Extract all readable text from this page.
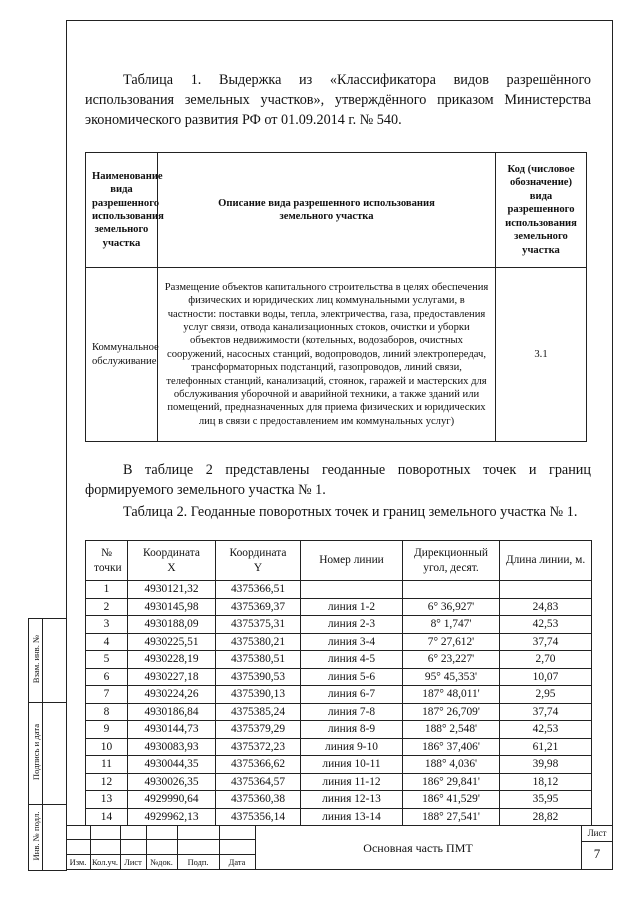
Таблица 1. Выдержка из «Классификатора видов разрешённого использования земельных участков», утверждённого приказом Министерства экономического развития РФ от 01.09.2014 г. № 540.
Наименование вида разрешенного использования земельного участка	Описание вида разрешенного использования земельного участка	Код (числовое обозначение) вида разрешенного использования земельного участка
Коммунальное обслуживание	Размещение объектов капитального строительства в целях обеспечения физических и юридических лиц коммунальными услугами, в частности: поставки воды, тепла, электричества, газа, предоставления услуг связи, отвода канализационных стоков, очистки и уборки объектов недвижимости (котельных, водозаборов, очистных сооружений, насосных станций, водопроводов, линий электропередач, трансформаторных подстанций, газопроводов, линий связи, телефонных станций, канализаций, стоянок, гаражей и мастерских для обслуживания уборочной и аварийной техники, а также зданий или помещений, предназначенных для приема физических и юридических лиц в связи с предоставлением им коммунальных услуг)	3.1
В таблице 2 представлены геоданные поворотных точек и границ формируемого земельного участка № 1.
Таблица 2. Геоданные поворотных точек и границ земельного участка № 1.
№ точки	Координата X	Координата Y	Номер линии	Дирекционный угол, десят.	Длина линии, м.
1	4930121,32	4375366,51			
2	4930145,98	4375369,37	линия 1-2	6° 36,927'	24,83
3	4930188,09	4375375,31	линия 2-3	8° 1,747'	42,53
4	4930225,51	4375380,21	линия 3-4	7° 27,612'	37,74
5	4930228,19	4375380,51	линия 4-5	6° 23,227'	2,70
6	4930227,18	4375390,53	линия 5-6	95° 45,353'	10,07
7	4930224,26	4375390,13	линия 6-7	187° 48,011'	2,95
8	4930186,84	4375385,24	линия 7-8	187° 26,709'	37,74
9	4930144,73	4375379,29	линия 8-9	188° 2,548'	42,53
10	4930083,93	4375372,23	линия 9-10	186° 37,406'	61,21
11	4930044,35	4375366,62	линия 10-11	188° 4,036'	39,98
12	4930026,35	4375364,57	линия 11-12	186° 29,841'	18,12
13	4929990,64	4375360,38	линия 12-13	186° 41,529'	35,95
14	4929962,13	4375356,14	линия 13-14	188° 27,541'	28,82

Взам. инв. №
Подпись и дата
Инв. № подл.
Изм. Кол.уч. Лист	№док.	Подп.	Дата
Основная часть ПМТ
Лист
7
